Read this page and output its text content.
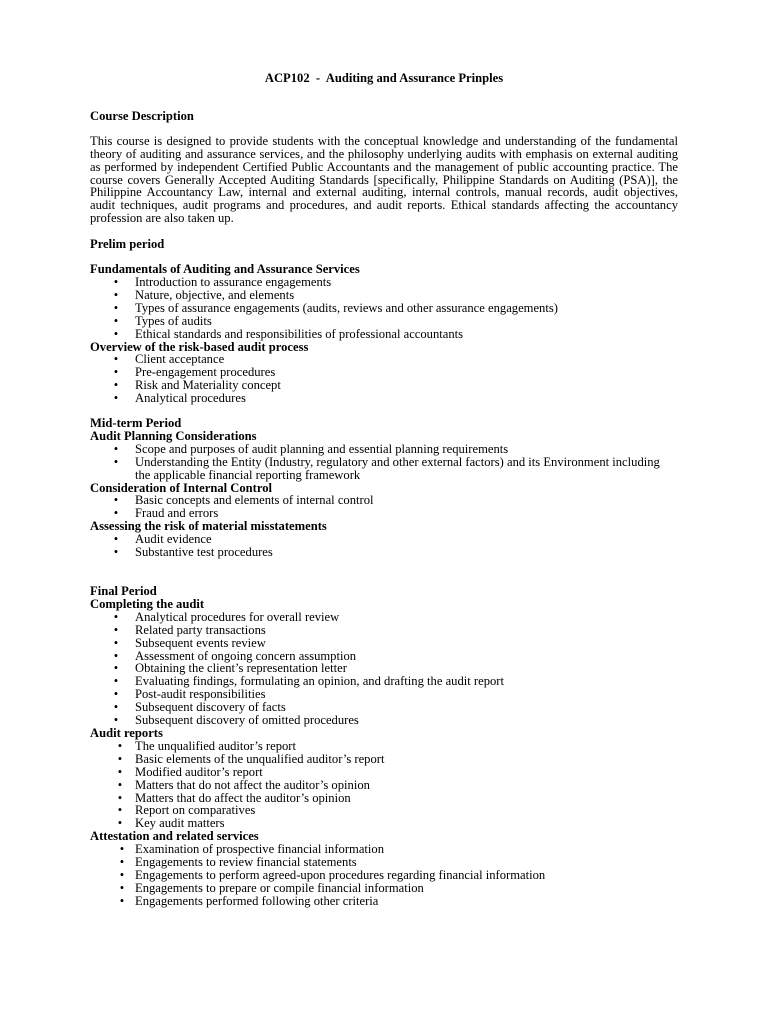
ACP102  -  Auditing and Assurance Prinples
Course Description
This course is designed to provide students with the conceptual knowledge and understanding of the fundamental theory of auditing and assurance services, and the philosophy underlying audits with emphasis on external auditing as performed by independent Certified Public Accountants and the management of public accounting practice. The course covers Generally Accepted Auditing Standards [specifically, Philippine Standards on Auditing (PSA)], the Philippine Accountancy Law, internal and external auditing, internal controls, manual records, audit objectives, audit techniques, audit programs and procedures, and audit reports. Ethical standards affecting the accountancy profession are also taken up.
Prelim period
Fundamentals of Auditing and Assurance Services
•	Introduction to assurance engagements
•	Nature, objective, and elements
•	Types of assurance engagements (audits, reviews and other assurance engagements)
•	Types of audits
•	Ethical standards and responsibilities of professional accountants
Overview of the risk-based audit process
•	Client acceptance
•	Pre-engagement procedures
•	Risk and Materiality concept
•	Analytical procedures
Mid-term Period
Audit Planning Considerations
•	Scope and purposes of audit planning and essential planning requirements
•	Understanding the Entity (Industry, regulatory and other external factors) and its Environment including the applicable financial reporting framework
Consideration of Internal Control
•	Basic concepts and elements of internal control
•	Fraud and errors
Assessing the risk of material misstatements
•	Audit evidence
•	Substantive test procedures
Final Period
Completing the audit
•	Analytical procedures for overall review
•	Related party transactions
•	Subsequent events review
•	Assessment of ongoing concern assumption
•	Obtaining the client’s representation letter
•	Evaluating findings, formulating an opinion, and drafting the audit report
•	Post-audit responsibilities
•	Subsequent discovery of facts
•	Subsequent discovery of omitted procedures
Audit reports
•	The unqualified auditor’s report
•	Basic elements of the unqualified auditor’s report
•	Modified auditor’s report
•	Matters that do not affect the auditor’s opinion
•	Matters that do affect the auditor’s opinion
•	Report on comparatives
•	Key audit matters
Attestation and related services
• Examination of prospective financial information
• Engagements to review financial statements
• Engagements to perform agreed-upon procedures regarding financial information
• Engagements to prepare or compile financial information
• Engagements performed following other criteria
